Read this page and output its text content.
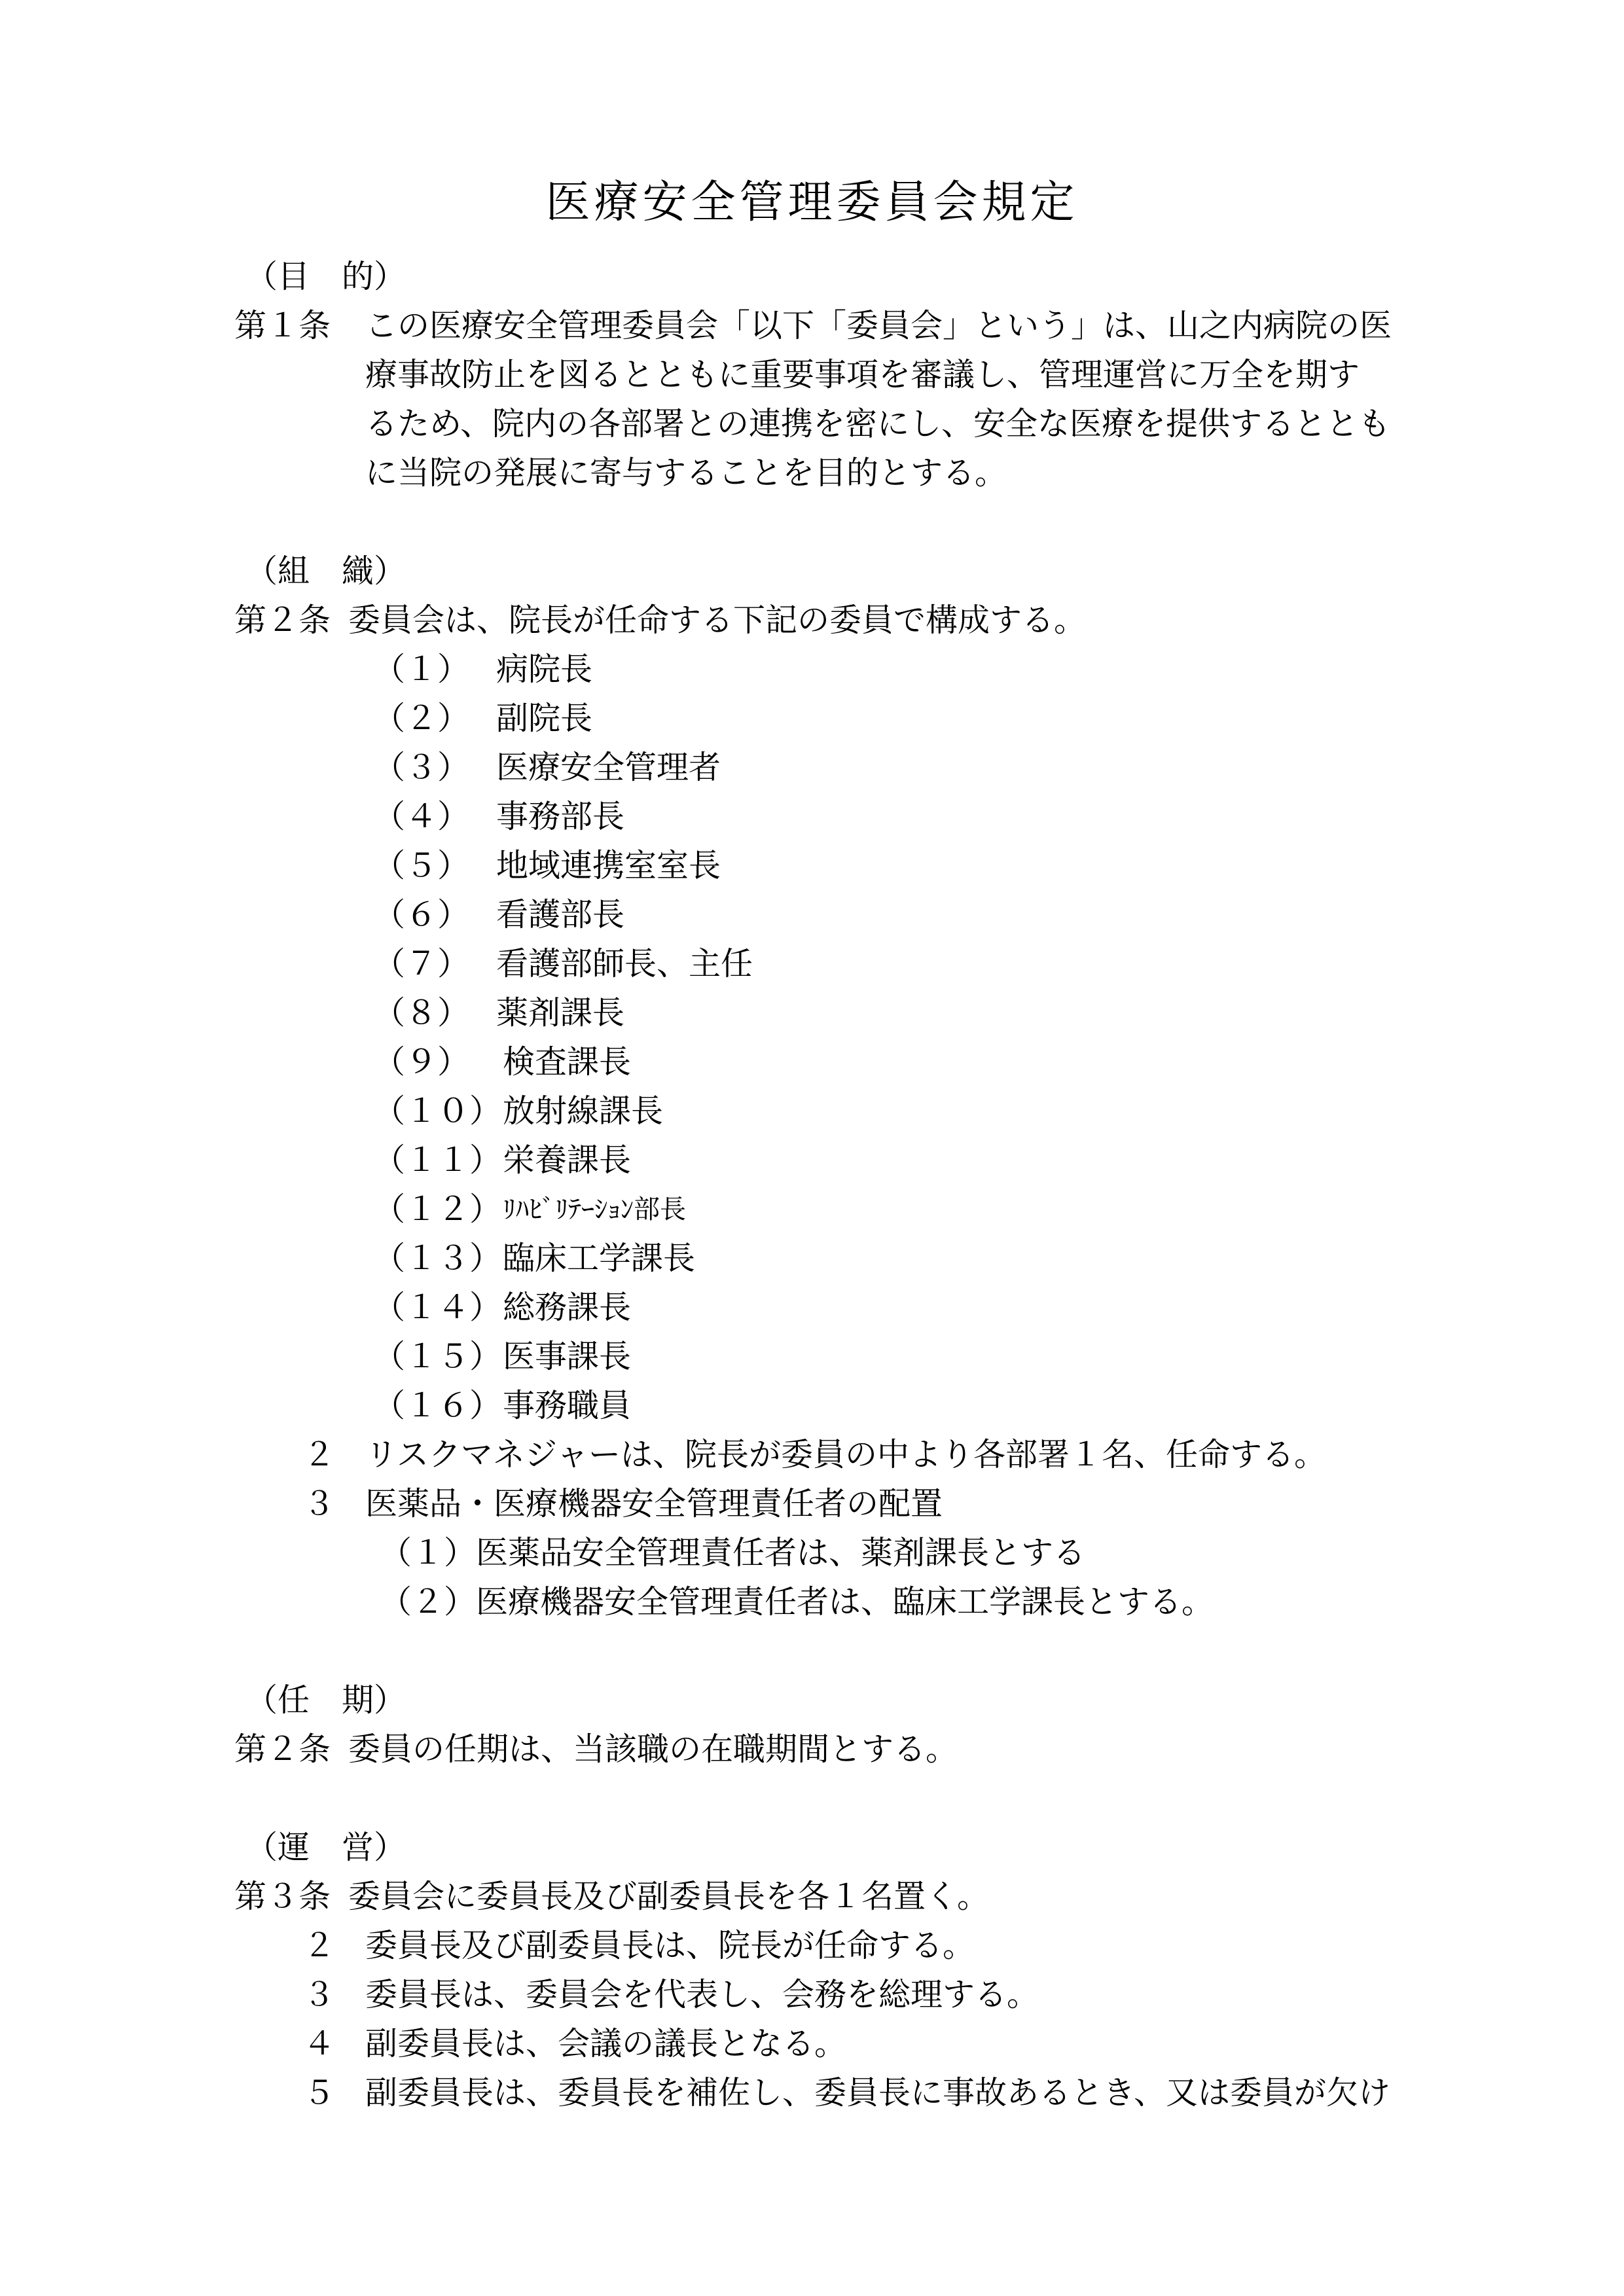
医療安全管理委員会規定
（目　的）
第１条 この医療安全管理委員会「以下「委員会」という」は、山之内病院の医
療事故防止を図るとともに重要事項を審議し、管理運営に万全を期す
るため、院内の各部署との連携を密にし、安全な医療を提供するととも
に当院の発展に寄与することを目的とする。
（組　織）
第２条 委員会は、院長が任命する下記の委員で構成する。
（１） 病院長
（２） 副院長
（３） 医療安全管理者
（４） 事務部長
（５） 地域連携室室長
（６） 看護部長
（７） 看護部師長、主任
（８） 薬剤課長
（９） 検査課長
（１０） 放射線課長
（１１） 栄養課長
（１２） ﾘﾊﾋﾞﾘﾃｰｼｮﾝ部長
（１３） 臨床工学課長
（１４） 総務課長
（１５） 医事課長
（１６） 事務職員
２ リスクマネジャーは、院長が委員の中より各部署１名、任命する。
３ 医薬品・医療機器安全管理責任者の配置
（１）医薬品安全管理責任者は、薬剤課長とする
（２）医療機器安全管理責任者は、臨床工学課長とする。
（任　期）
第２条 委員の任期は、当該職の在職期間とする。
（運　営）
第３条 委員会に委員長及び副委員長を各１名置く。
２ 委員長及び副委員長は、院長が任命する。
３ 委員長は、委員会を代表し、会務を総理する。
４ 副委員長は、会議の議長となる。
５ 副委員長は、委員長を補佐し、委員長に事故あるとき、又は委員が欠け
